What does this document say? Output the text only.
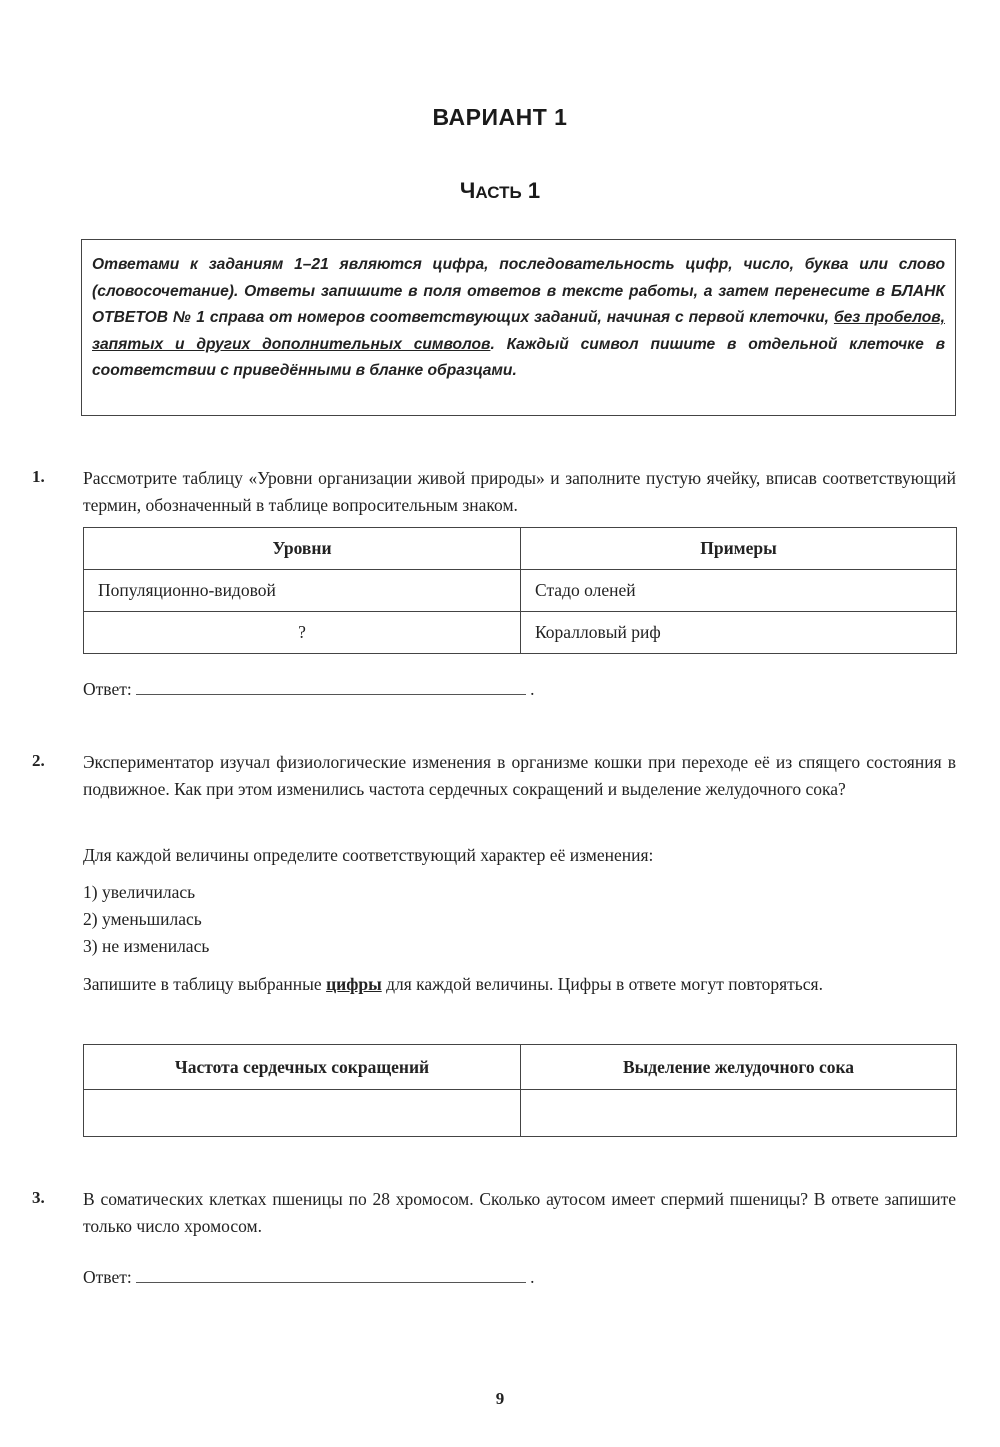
ВАРИАНТ 1
ЧАСТЬ 1
Ответами к заданиям 1–21 являются цифра, последовательность цифр, число, буква или слово (словосочетание). Ответы запишите в поля ответов в тексте работы, а затем перенесите в БЛАНК ОТВЕТОВ № 1 справа от номеров соответствующих заданий, начиная с первой клеточки, без пробелов, запятых и других дополнительных символов. Каждый символ пишите в отдельной клеточке в соответствии с приведёнными в бланке образцами.
1. Рассмотрите таблицу «Уровни организации живой природы» и заполните пустую ячейку, вписав соответствующий термин, обозначенный в таблице вопросительным знаком.
Уровни	Примеры
Популяционно-видовой	Стадо оленей
?	Коралловый риф
Ответ:	.
2. Экспериментатор изучал физиологические изменения в организме кошки при переходе её из спящего состояния в подвижное. Как при этом изменились частота сердечных сокращений и выделение желудочного сока?
Для каждой величины определите соответствующий характер её изменения:
1) увеличилась
2) уменьшилась
3) не изменилась
Запишите в таблицу выбранные цифры для каждой величины. Цифры в ответе могут повторяться.
Частота сердечных сокращений	Выделение желудочного сока

3. В соматических клетках пшеницы по 28 хромосом. Сколько аутосом имеет спермий пшеницы? В ответе запишите только число хромосом.
Ответ:	.
9
